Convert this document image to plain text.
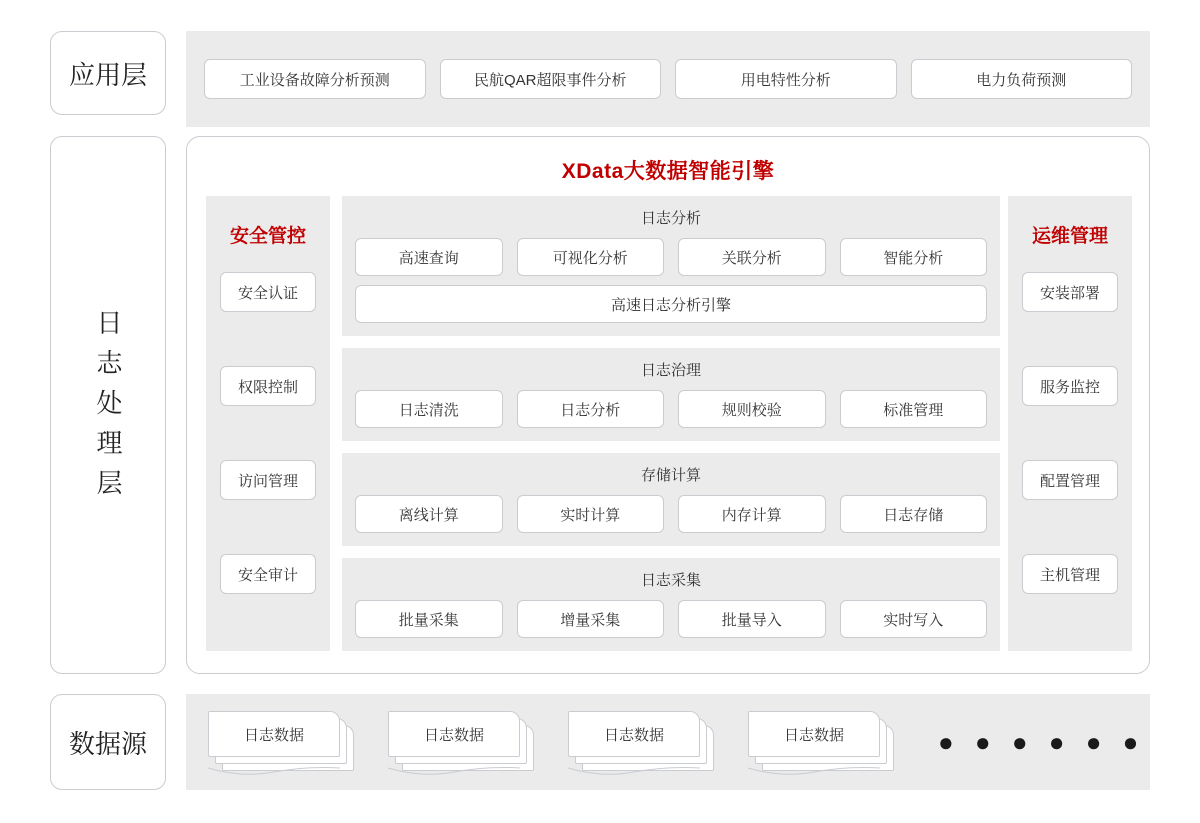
应用层
日志处理层
数据源
工业设备故障分析预测	民航QAR超限事件分析	用电特性分析	电力负荷预测
XData大数据智能引擎
安全管控
安全认证
权限控制
访问管理
安全审计
日志分析
高速查询	可视化分析	关联分析	智能分析
高速日志分析引擎
日志治理
日志清洗	日志分析	规则校验	标准管理
存储计算
离线计算	实时计算	内存计算	日志存储
日志采集
批量采集	增量采集	批量导入	实时写入
运维管理
安装部署
服务监控
配置管理
主机管理
日志数据	日志数据	日志数据	日志数据	● ● ● ● ● ●
